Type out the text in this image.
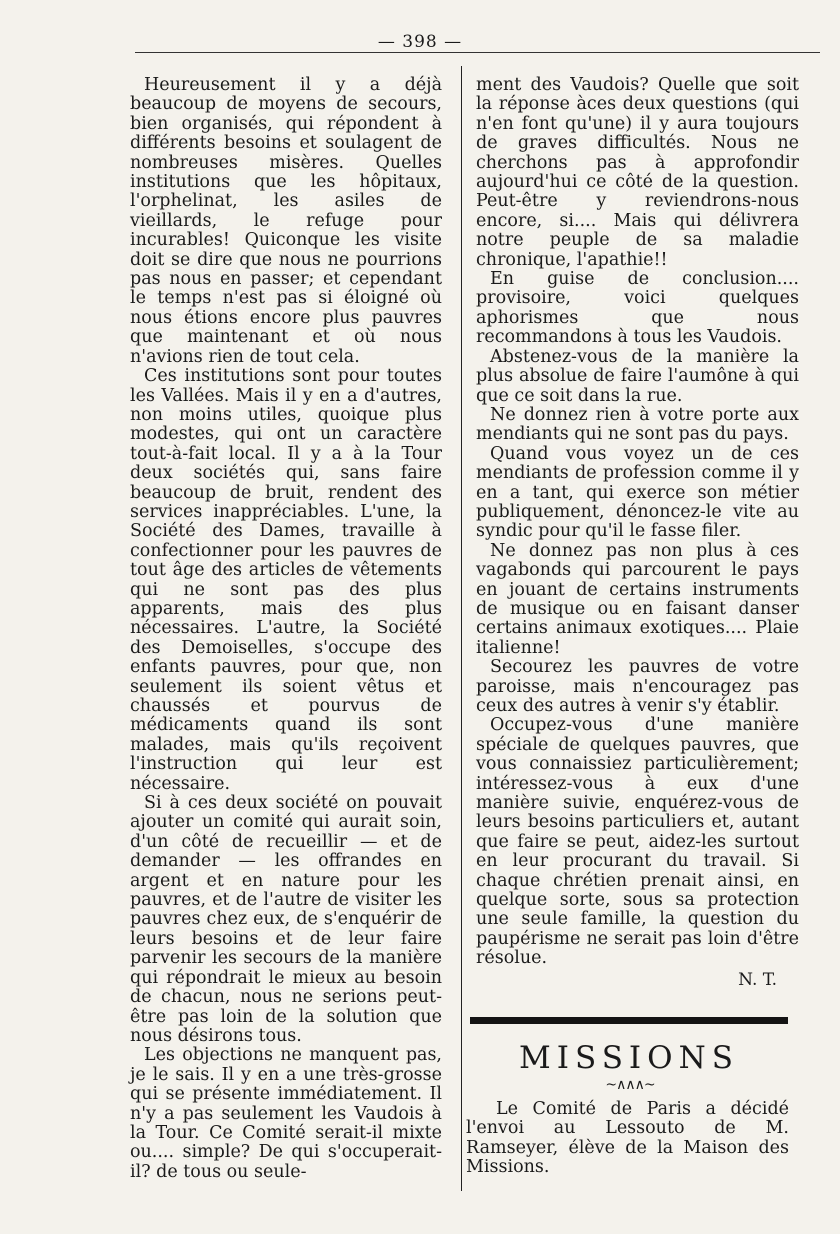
— 398 —

Heureusement il y a déjà beaucoup de moyens de secours, bien organisés, qui répondent à différents besoins et soulagent de nombreuses misères. Quelles institutions que les hôpitaux, l'orphelinat, les asiles de vieillards, le refuge pour incurables! Quiconque les visite doit se dire que nous ne pourrions pas nous en passer; et cependant le temps n'est pas si éloigné où nous étions encore plus pauvres que maintenant et où nous n'avions rien de tout cela.

Ces institutions sont pour toutes les Vallées. Mais il y en a d'autres, non moins utiles, quoique plus modestes, qui ont un caractère tout-à-fait local. Il y a à la Tour deux sociétés qui, sans faire beaucoup de bruit, rendent des services inappréciables. L'une, la Société des Dames, travaille à confectionner pour les pauvres de tout âge des articles de vêtements qui ne sont pas des plus apparents, mais des plus nécessaires. L'autre, la Société des Demoiselles, s'occupe des enfants pauvres, pour que, non seulement ils soient vêtus et chaussés et pourvus de médicaments quand ils sont malades, mais qu'ils reçoivent l'instruction qui leur est nécessaire.

Si à ces deux société on pouvait ajouter un comité qui aurait soin, d'un côté de recueillir — et de demander — les offrandes en argent et en nature pour les pauvres, et de l'autre de visiter les pauvres chez eux, de s'enquérir de leurs besoins et de leur faire parvenir les secours de la manière qui répondrait le mieux au besoin de chacun, nous ne serions peut-être pas loin de la solution que nous désirons tous.

Les objections ne manquent pas, je le sais. Il y en a une très-grosse qui se présente immédiatement. Il n'y a pas seulement les Vaudois à la Tour. Ce Comité serait-il mixte ou.... simple? De qui s'occuperait-il? de tous ou seule-

ment des Vaudois? Quelle que soit la réponse àces deux questions (qui n'en font qu'une) il y aura toujours de graves difficultés. Nous ne cherchons pas à approfondir aujourd'hui ce côté de la question. Peut-être y reviendrons-nous encore, si.... Mais qui délivrera notre peuple de sa maladie chronique, l'apathie!!

En guise de conclusion.... provisoire, voici quelques aphorismes que nous recommandons à tous les Vaudois.

Abstenez-vous de la manière la plus absolue de faire l'aumône à qui que ce soit dans la rue.

Ne donnez rien à votre porte aux mendiants qui ne sont pas du pays.

Quand vous voyez un de ces mendiants de profession comme il y en a tant, qui exerce son métier publiquement, dénoncez-le vite au syndic pour qu'il le fasse filer.

Ne donnez pas non plus à ces vagabonds qui parcourent le pays en jouant de certains instruments de musique ou en faisant danser certains animaux exotiques.... Plaie italienne!

Secourez les pauvres de votre paroisse, mais n'encouragez pas ceux des autres à venir s'y établir.

Occupez-vous d'une manière spéciale de quelques pauvres, que vous connaissiez particulièrement; intéressez-vous à eux d'une manière suivie, enquérez-vous de leurs besoins particuliers et, autant que faire se peut, aidez-les surtout en leur procurant du travail. Si chaque chrétien prenait ainsi, en quelque sorte, sous sa protection une seule famille, la question du paupérisme ne serait pas loin d'être résolue.

N. T.
MISSIONS
~∧∧∧~

Le Comité de Paris a décidé l'envoi au Lessouto de M. Ramseyer, élève de la Maison des Missions.
